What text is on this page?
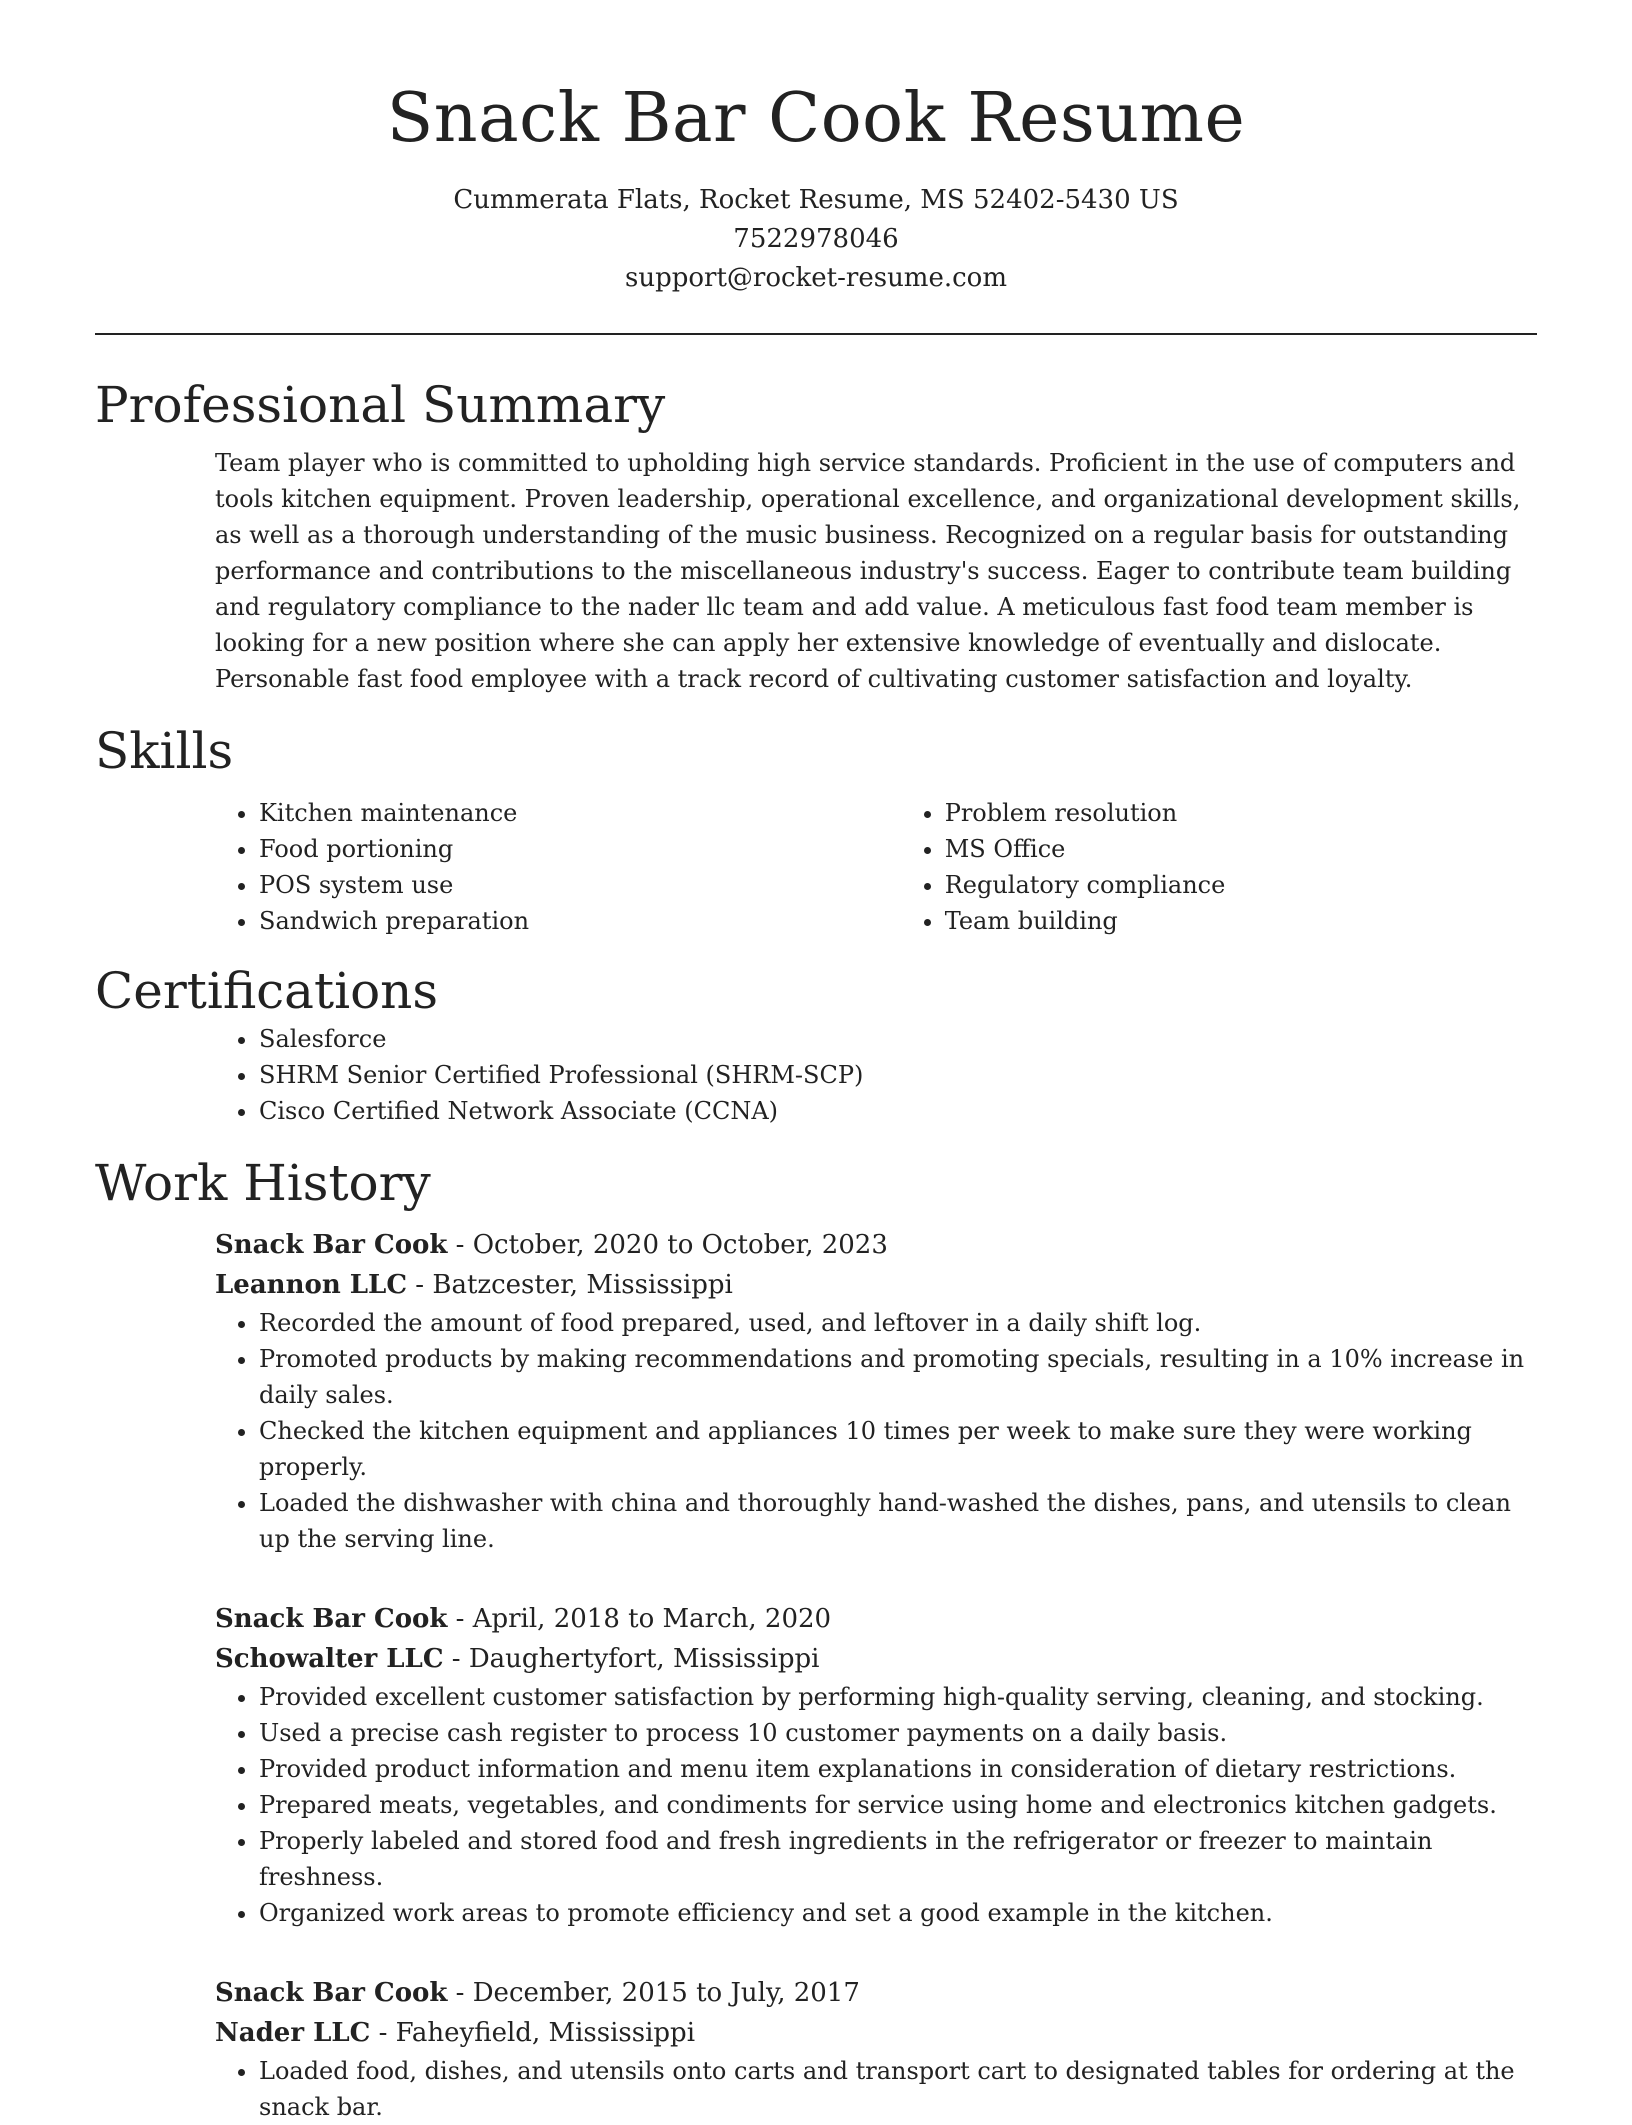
Snack Bar Cook Resume

Cummerata Flats, Rocket Resume, MS 52402-5430 US

7522978046

support@rocket-resume.com

Professional Summary

Team player who is committed to upholding high service standards. Proficient in the use of computers and tools kitchen equipment. Proven leadership, operational excellence, and organizational development skills, as well as a thorough understanding of the music business. Recognized on a regular basis for outstanding performance and contributions to the miscellaneous industry's success. Eager to contribute team building and regulatory compliance to the nader llc team and add value. A meticulous fast food team member is looking for a new position where she can apply her extensive knowledge of eventually and dislocate. Personable fast food employee with a track record of cultivating customer satisfaction and loyalty.

Skills
• Kitchen maintenance
• Food portioning
• POS system use
• Sandwich preparation
• Problem resolution
• MS Office
• Regulatory compliance
• Team building
Certifications
• Salesforce
• SHRM Senior Certified Professional (SHRM-SCP)
• Cisco Certified Network Associate (CCNA)
Work History

Snack Bar Cook - October, 2020 to October, 2023

Leannon LLC - Batzcester, Mississippi

• Recorded the amount of food prepared, used, and leftover in a daily shift log.
• Promoted products by making recommendations and promoting specials, resulting in a 10% increase in daily sales.
• Checked the kitchen equipment and appliances 10 times per week to make sure they were working properly.
• Loaded the dishwasher with china and thoroughly hand-washed the dishes, pans, and utensils to clean up the serving line.

Snack Bar Cook - April, 2018 to March, 2020

Schowalter LLC - Daughertyfort, Mississippi

• Provided excellent customer satisfaction by performing high-quality serving, cleaning, and stocking.
• Used a precise cash register to process 10 customer payments on a daily basis.
• Provided product information and menu item explanations in consideration of dietary restrictions.
• Prepared meats, vegetables, and condiments for service using home and electronics kitchen gadgets.
• Properly labeled and stored food and fresh ingredients in the refrigerator or freezer to maintain freshness.
• Organized work areas to promote efficiency and set a good example in the kitchen.

Snack Bar Cook - December, 2015 to July, 2017

Nader LLC - Faheyfield, Mississippi

• Loaded food, dishes, and utensils onto carts and transport cart to designated tables for ordering at the snack bar.
